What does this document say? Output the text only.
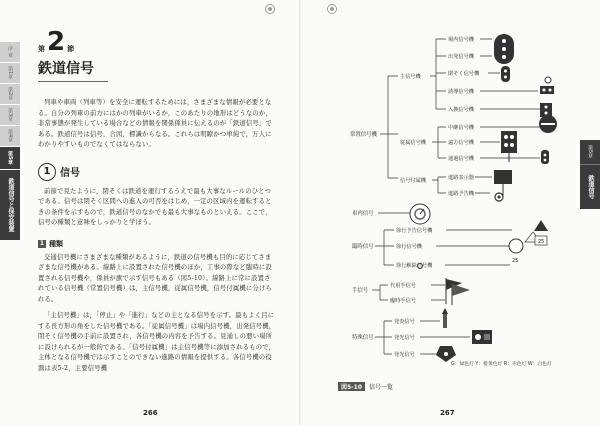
序 章
第1章
第2章
第3章
第4章
第5章
鉄道信号と保安装置
第 2 節
鉄道信号

列車や車両（列車等）を安全に運転するためには，さまざまな情報が必要となる。自分の列車の前方にはかの列車がいるか，このあたりの地形はどうなのか，非常事態が発生している場合などの情報を関係係員に伝えるのが「鉄道信号」である。鉄道信号は信号，合図，標識からなる。これらは明瞭かつ単純で，万人にわかりやすいものでなくてはならない。

1 信号

前節で見たように，閉そくは鉄道を運行するうえで最も大事なルールのひとつである。信号は閉そく区間への進入の可否をはじめ，一定の区域内を運転するときの条件を示すもので，鉄道信号のなかでも最も大事なものといえる。ここで，信号の種類と意味をしっかりと学ぼう。

1 種類

交通信号機にさまざまな種類があるように，鉄道の信号機も目的に応じてさまざまな信号機がある。線路上に設置された信号機のほか，工事の際など臨時に設置される信号機や，係員が旗で示す信号もある（図5-10）。線路上に常に設置されている信号機（常置信号機）は，主信号機，従属信号機，信号付属機に分けられる。

「主信号機」は，「停止」や「進行」などの主となる信号を示す。最もよく目にする長方形の角をした信号機である。「従属信号機」は場内信号機，出発信号機，閉そく信号機の手前に設置され，各信号機の内容を予告する。見通しの悪い場所に設けられるが一般的である。「信号付属機」は主信号機等に添加されるもので，主体となる信号機では示すことのできない進路の情報を提供する。各信号機の役割は表5-2，主要信号機

266
第5章
鉄道信号
常置信号機
車内信号
臨時信号
手信号
特殊信号
主信号機
従属信号機
信号付属機
場内信号機
出発信号機
閉そく信号機
誘導信号機
入換信号機
中継信号機
遠方信号機
通過信号機
進路表示器
進路予告機
徐行予告信号機
徐行信号機
徐行解除信号機
代用手信号
臨時手信号
発炎信号
発光信号
発光信号
25
25
G：緑色灯 Y：橙黄色灯 R：赤色灯 W：白色灯
図5-10	信号一覧
267
